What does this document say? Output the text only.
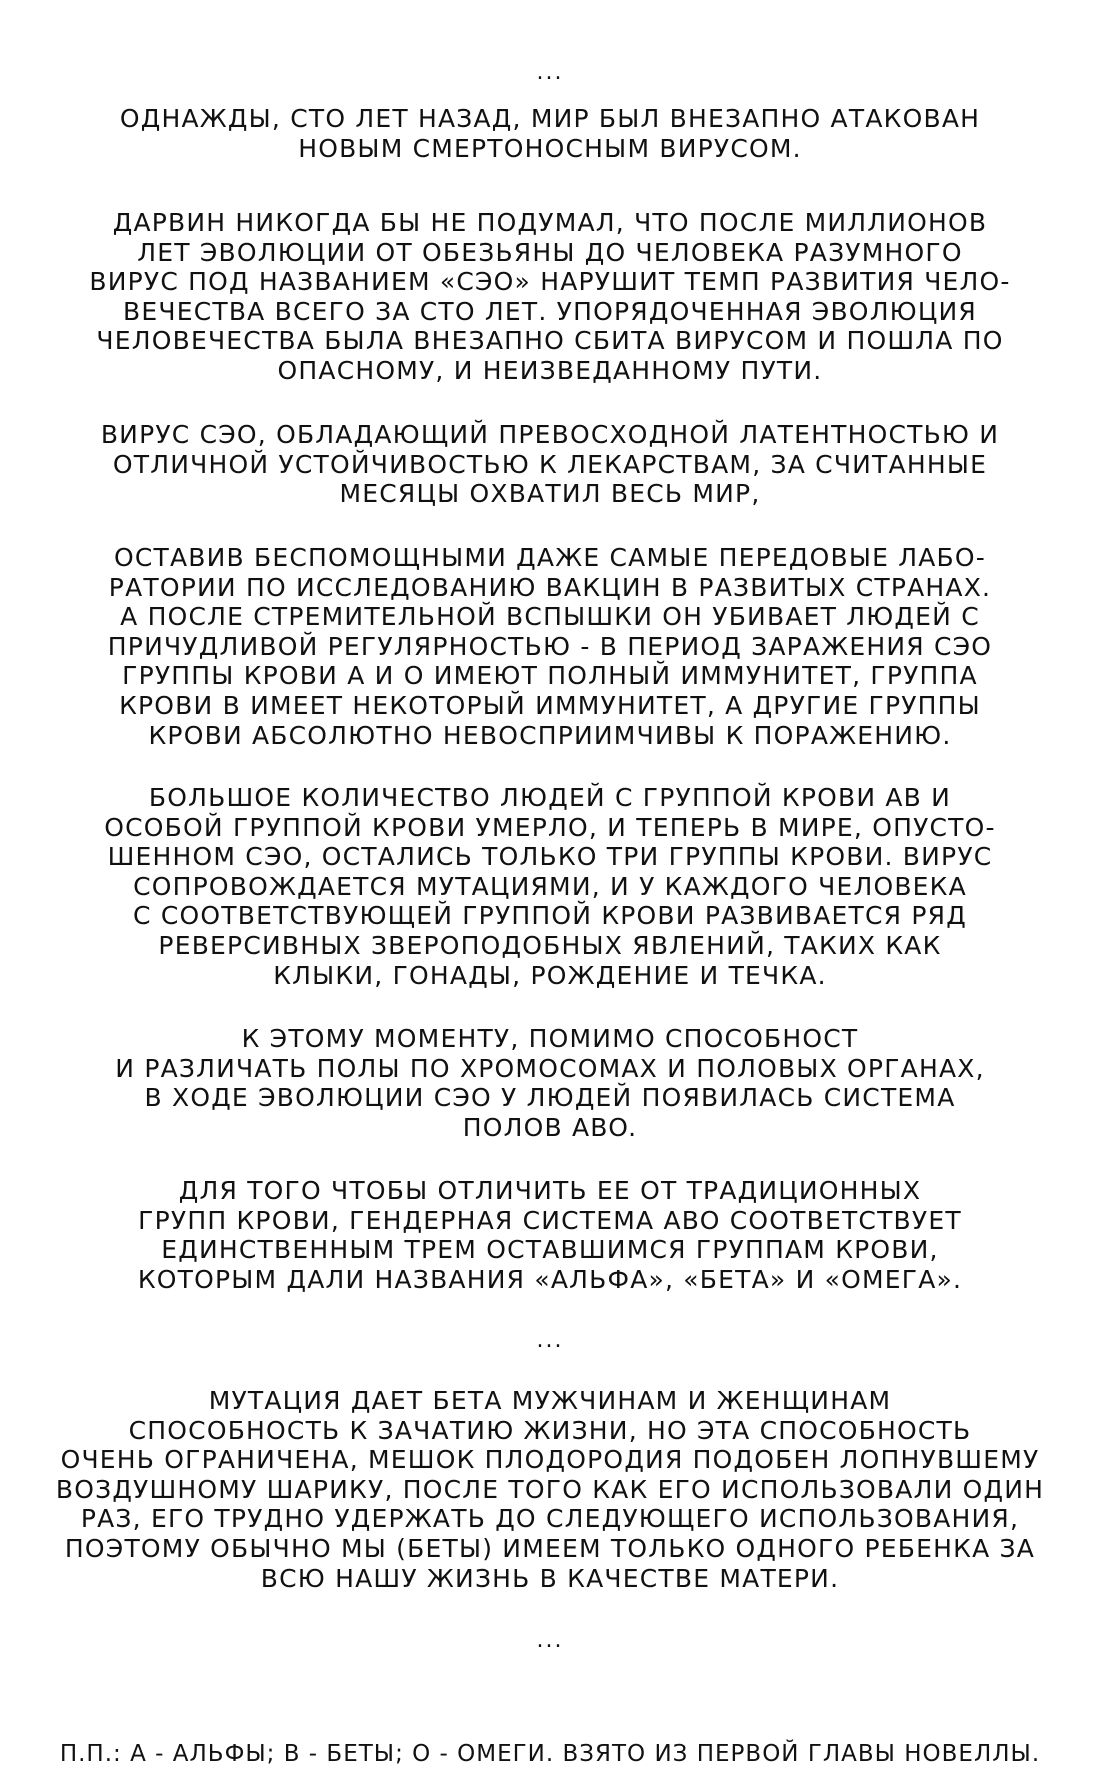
...
ОДНАЖДЫ, СТО ЛЕТ НАЗАД, МИР БЫЛ ВНЕЗАПНО АТАКОВАН
НОВЫМ СМЕРТОНОСНЫМ ВИРУСОМ.
ДАРВИН НИКОГДА БЫ НЕ ПОДУМАЛ, ЧТО ПОСЛЕ МИЛЛИОНОВ
ЛЕТ ЭВОЛЮЦИИ ОТ ОБЕЗЬЯНЫ ДО ЧЕЛОВЕКА РАЗУМНОГО
ВИРУС ПОД НАЗВАНИЕМ «СЭО» НАРУШИТ ТЕМП РАЗВИТИЯ ЧЕЛО-
ВЕЧЕСТВА ВСЕГО ЗА СТО ЛЕТ. УПОРЯДОЧЕННАЯ ЭВОЛЮЦИЯ
ЧЕЛОВЕЧЕСТВА БЫЛА ВНЕЗАПНО СБИТА ВИРУСОМ И ПОШЛА ПО
ОПАСНОМУ, И НЕИЗВЕДАННОМУ ПУТИ.
ВИРУС СЭО, ОБЛАДАЮЩИЙ ПРЕВОСХОДНОЙ ЛАТЕНТНОСТЬЮ И
ОТЛИЧНОЙ УСТОЙЧИВОСТЬЮ К ЛЕКАРСТВАМ, ЗА СЧИТАННЫЕ
МЕСЯЦЫ ОХВАТИЛ ВЕСЬ МИР,
ОСТАВИВ БЕСПОМОЩНЫМИ ДАЖЕ САМЫЕ ПЕРЕДОВЫЕ ЛАБО-
РАТОРИИ ПО ИССЛЕДОВАНИЮ ВАКЦИН В РАЗВИТЫХ СТРАНАХ.
А ПОСЛЕ СТРЕМИТЕЛЬНОЙ ВСПЫШКИ ОН УБИВАЕТ ЛЮДЕЙ С
ПРИЧУДЛИВОЙ РЕГУЛЯРНОСТЬЮ - В ПЕРИОД ЗАРАЖЕНИЯ СЭО
ГРУППЫ КРОВИ A И O ИМЕЮТ ПОЛНЫЙ ИММУНИТЕТ, ГРУППА
КРОВИ B ИМЕЕТ НЕКОТОРЫЙ ИММУНИТЕТ, А ДРУГИЕ ГРУППЫ
КРОВИ АБСОЛЮТНО НЕВОСПРИИМЧИВЫ К ПОРАЖЕНИЮ.
БОЛЬШОЕ КОЛИЧЕСТВО ЛЮДЕЙ С ГРУППОЙ КРОВИ AB И
ОСОБОЙ ГРУППОЙ КРОВИ УМЕРЛО, И ТЕПЕРЬ В МИРЕ, ОПУСТО-
ШЕННОМ СЭО, ОСТАЛИСЬ ТОЛЬКО ТРИ ГРУППЫ КРОВИ. ВИРУС
СОПРОВОЖДАЕТСЯ МУТАЦИЯМИ, И У КАЖДОГО ЧЕЛОВЕКА
С СООТВЕТСТВУЮЩЕЙ ГРУППОЙ КРОВИ РАЗВИВАЕТСЯ РЯД
РЕВЕРСИВНЫХ ЗВЕРОПОДОБНЫХ ЯВЛЕНИЙ, ТАКИХ КАК
КЛЫКИ, ГОНАДЫ, РОЖДЕНИЕ И ТЕЧКА.
К ЭТОМУ МОМЕНТУ, ПОМИМО СПОСОБНОСТ
И РАЗЛИЧАТЬ ПОЛЫ ПО ХРОМОСОМАХ И ПОЛОВЫХ ОРГАНАХ,
В ХОДЕ ЭВОЛЮЦИИ СЭО У ЛЮДЕЙ ПОЯВИЛАСЬ СИСТЕМА
ПОЛОВ ABO.
ДЛЯ ТОГО ЧТОБЫ ОТЛИЧИТЬ ЕЕ ОТ ТРАДИЦИОННЫХ
ГРУПП КРОВИ, ГЕНДЕРНАЯ СИСТЕМА ABO СООТВЕТСТВУЕТ
ЕДИНСТВЕННЫМ ТРЕМ ОСТАВШИМСЯ ГРУППАМ КРОВИ,
КОТОРЫМ ДАЛИ НАЗВАНИЯ «АЛЬФА», «БЕТА» И «ОМЕГА».
...
МУТАЦИЯ ДАЕТ БЕТА МУЖЧИНАМ И ЖЕНЩИНАМ
СПОСОБНОСТЬ К ЗАЧАТИЮ ЖИЗНИ, НО ЭТА СПОСОБНОСТЬ
ОЧЕНЬ ОГРАНИЧЕНА, МЕШОК ПЛОДОРОДИЯ ПОДОБЕН ЛОПНУВШЕМУ
ВОЗДУШНОМУ ШАРИКУ, ПОСЛЕ ТОГО КАК ЕГО ИСПОЛЬЗОВАЛИ ОДИН
РАЗ, ЕГО ТРУДНО УДЕРЖАТЬ ДО СЛЕДУЮЩЕГО ИСПОЛЬЗОВАНИЯ,
ПОЭТОМУ ОБЫЧНО МЫ (БЕТЫ) ИМЕЕМ ТОЛЬКО ОДНОГО РЕБЕНКА ЗА
ВСЮ НАШУ ЖИЗНЬ В КАЧЕСТВЕ МАТЕРИ.
...
П.П.: A - АЛЬФЫ; B - БЕТЫ; O - ОМЕГИ. ВЗЯТО ИЗ ПЕРВОЙ ГЛАВЫ НОВЕЛЛЫ.
